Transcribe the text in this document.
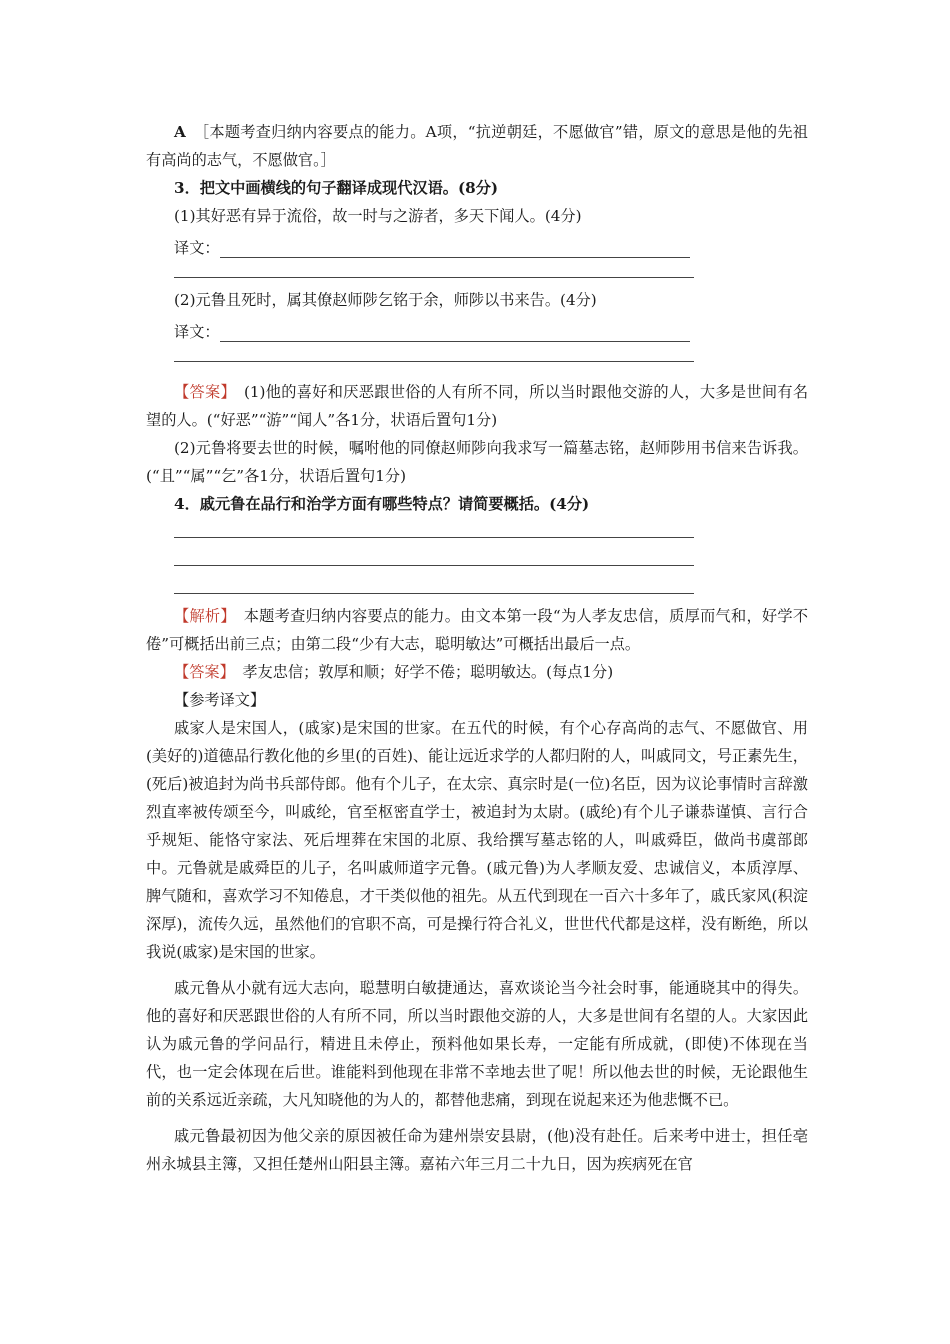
A　 ［本题考查归纳内容要点的能力。A项，“抗逆朝廷，不愿做官”错，原文的意思是他的先祖有高尚的志气，不愿做官。］

3．把文中画横线的句子翻译成现代汉语。(8分)

(1)其好恶有异于流俗，故一时与之游者，多天下闻人。(4分)

译文：

(2)元鲁且死时，属其僚赵师陟乞铭于余，师陟以书来告。(4分)

译文：

【答案】　 (1)他的喜好和厌恶跟世俗的人有所不同，所以当时跟他交游的人，大多是世间有名望的人。(“好恶”“游”“闻人”各1分，状语后置句1分)

(2)元鲁将要去世的时候，嘱咐他的同僚赵师陟向我求写一篇墓志铭，赵师陟用书信来告诉我。(“且”“属”“乞”各1分，状语后置句1分)

4．戚元鲁在品行和治学方面有哪些特点？请简要概括。(4分)

【解析】　 本题考查归纳内容要点的能力。由文本第一段“为人孝友忠信，质厚而气和，好学不倦”可概括出前三点；由第二段“少有大志，聪明敏达”可概括出最后一点。

【答案】　 孝友忠信；敦厚和顺；好学不倦；聪明敏达。(每点1分)

【参考译文】

戚家人是宋国人，(戚家)是宋国的世家。在五代的时候，有个心存高尚的志气、不愿做官、用(美好的)道德品行教化他的乡里(的百姓)、能让远近求学的人都归附的人，叫戚同文，号正素先生，(死后)被追封为尚书兵部侍郎。他有个儿子，在太宗、真宗时是(一位)名臣，因为议论事情时言辞激烈直率被传颂至今，叫戚纶，官至枢密直学士，被追封为太尉。(戚纶)有个儿子谦恭谨慎、言行合乎规矩、能恪守家法、死后埋葬在宋国的北原、我给撰写墓志铭的人，叫戚舜臣，做尚书虞部郎中。元鲁就是戚舜臣的儿子，名叫戚师道字元鲁。(戚元鲁)为人孝顺友爱、忠诚信义，本质淳厚、脾气随和，喜欢学习不知倦息，才干类似他的祖先。从五代到现在一百六十多年了，戚氏家风(积淀深厚)，流传久远，虽然他们的官职不高，可是操行符合礼义，世世代代都是这样，没有断绝，所以我说(戚家)是宋国的世家。

戚元鲁从小就有远大志向，聪慧明白敏捷通达，喜欢谈论当今社会时事，能通晓其中的得失。他的喜好和厌恶跟世俗的人有所不同，所以当时跟他交游的人，大多是世间有名望的人。大家因此认为戚元鲁的学问品行，精进且未停止，预料他如果长寿，一定能有所成就，(即使)不体现在当代，也一定会体现在后世。谁能料到他现在非常不幸地去世了呢！所以他去世的时候，无论跟他生前的关系远近亲疏，大凡知晓他的为人的，都替他悲痛，到现在说起来还为他悲慨不已。

戚元鲁最初因为他父亲的原因被任命为建州崇安县尉，(他)没有赴任。后来考中进士，担任亳州永城县主簿，又担任楚州山阳县主簿。嘉祐六年三月二十九日，因为疾病死在官
